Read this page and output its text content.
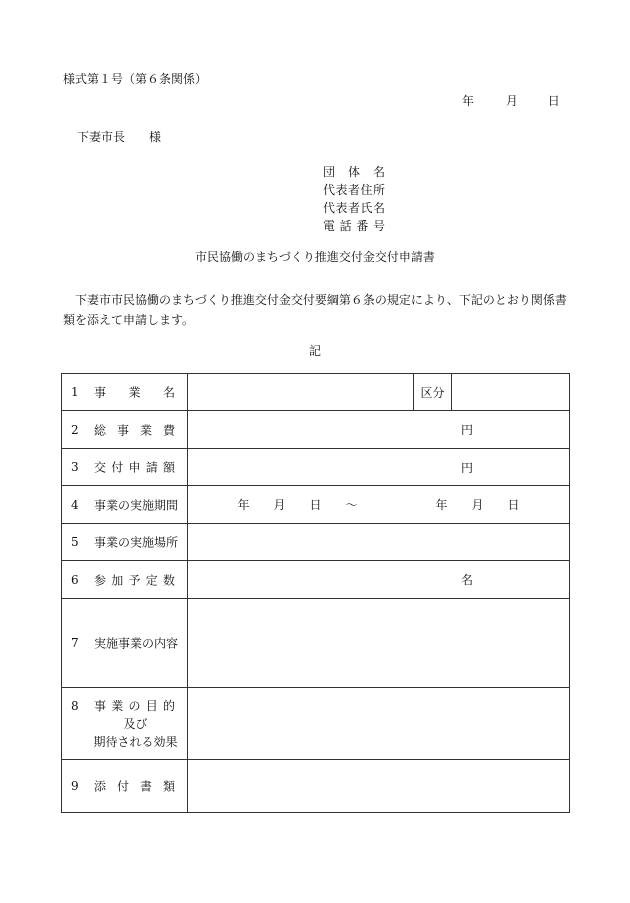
様式第１号（第６条関係）
年	月 日
下妻市長　　様
団体名
代表者住所
代表者氏名
電話番号
市民協働のまちづくり推進交付金交付申請書
下妻市市民協働のまちづくり推進交付金交付要綱第６条の規定により、下記のとおり関係書類を添えて申請します。
記
1 事業名		区分	

2 総事業費	円		

3 交付申請額	円		

4 事業の実施期間	年 月 日 ～ 年 月 日		

5 事業の実施場所			

6 参加予定数	名		

7 実施事業の内容			

8 事業の目的
及び
期待される効果			

9 添付書類			
